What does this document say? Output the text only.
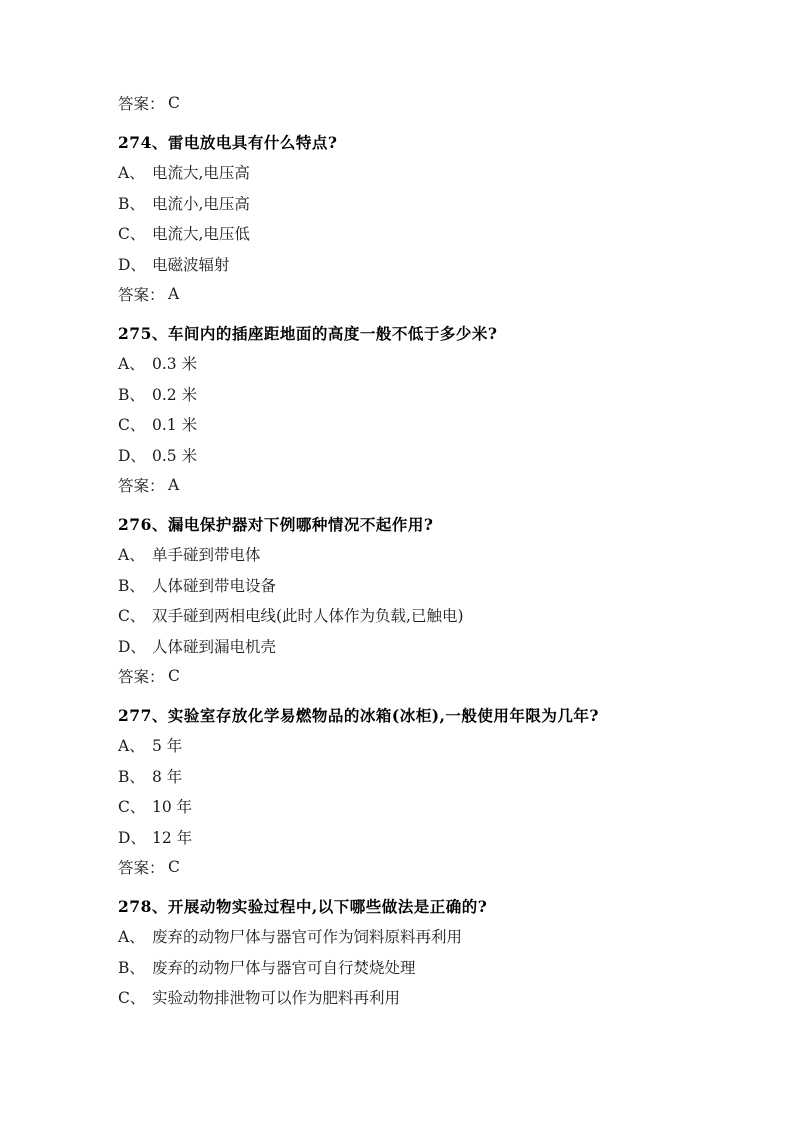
答案： C
274、 雷电放电具有什么特点?
A、 电流大,电压高
B、 电流小,电压高
C、 电流大,电压低
D、 电磁波辐射
答案： A
275、 车间内的插座距地面的高度一般不低于多少米?
A、 0.3 米
B、 0.2 米
C、 0.1 米
D、 0.5 米
答案： A
276、 漏电保护器对下例哪种情况不起作用?
A、 单手碰到带电体
B、 人体碰到带电设备
C、 双手碰到两相电线(此时人体作为负载,已触电)
D、 人体碰到漏电机壳
答案： C
277、 实验室存放化学易燃物品的冰箱(冰柜),一般使用年限为几年?
A、 5 年
B、 8 年
C、 10 年
D、 12 年
答案： C
278、 开展动物实验过程中,以下哪些做法是正确的?
A、 废弃的动物尸体与器官可作为饲料原料再利用
B、 废弃的动物尸体与器官可自行焚烧处理
C、 实验动物排泄物可以作为肥料再利用
